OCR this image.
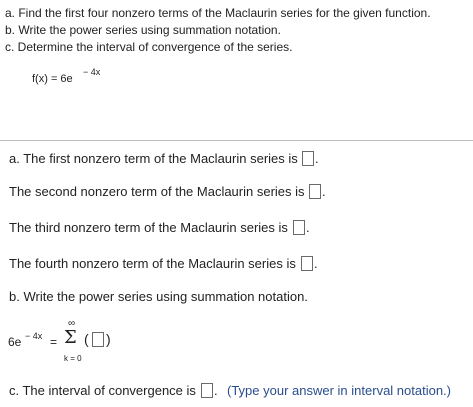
a. Find the first four nonzero terms of the Maclaurin series for the given function.
b. Write the power series using summation notation.
c. Determine the interval of convergence of the series.
f(x) = 6e
− 4x
a. The first nonzero term of the Maclaurin series is .
The second nonzero term of the Maclaurin series is .
The third nonzero term of the Maclaurin series is .
The fourth nonzero term of the Maclaurin series is .
b. Write the power series using summation notation.
6e − 4x =
∞
Σ
k = 0
( )
c. The interval of convergence is . (Type your answer in interval notation.)
